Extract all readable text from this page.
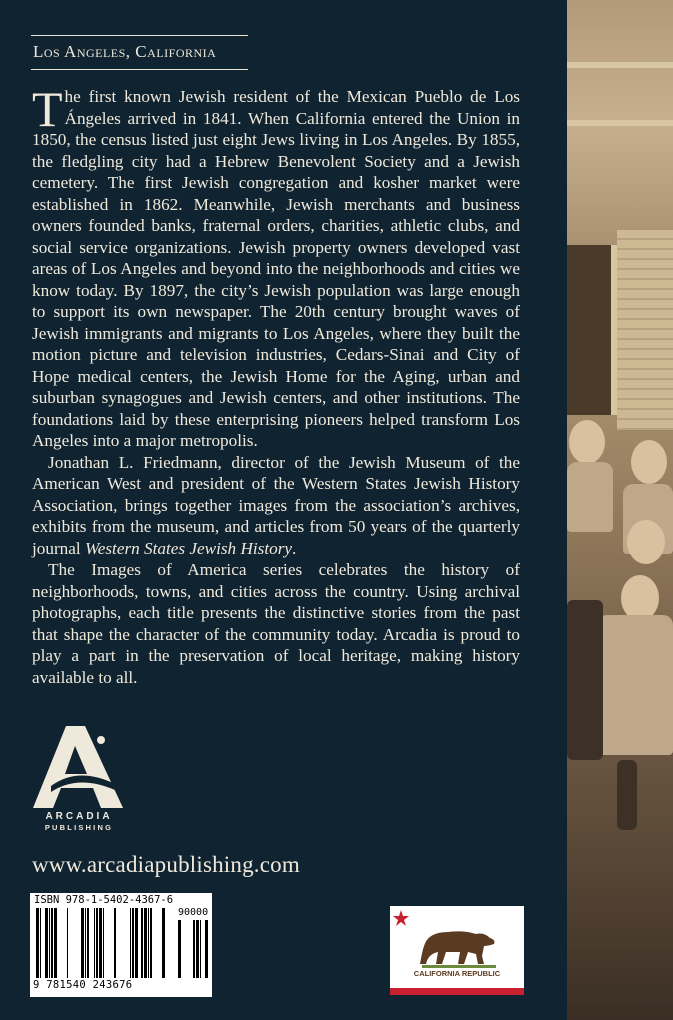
Los Angeles, California

The first known Jewish resident of the Mexican Pueblo de Los Ángeles arrived in 1841. When California entered the Union in 1850, the census listed just eight Jews living in Los Angeles. By 1855, the fledgling city had a Hebrew Benevolent Society and a Jewish cemetery. The first Jewish congregation and kosher market were established in 1862. Meanwhile, Jewish merchants and business owners founded banks, fraternal orders, charities, athletic clubs, and social service organizations. Jewish property owners developed vast areas of Los Angeles and beyond into the neighborhoods and cities we know today. By 1897, the city’s Jewish population was large enough to support its own newspaper. The 20th century brought waves of Jewish immigrants and migrants to Los Angeles, where they built the motion picture and television industries, Cedars-Sinai and City of Hope medical centers, the Jewish Home for the Aging, urban and suburban synagogues and Jewish centers, and other institutions. The foundations laid by these enterprising pioneers helped transform Los Angeles into a major metropolis.

Jonathan L. Friedmann, director of the Jewish Museum of the American West and president of the Western States Jewish History Association, brings together images from the association’s archives, exhibits from the museum, and articles from 50 years of the quarterly journal Western States Jewish History.

The Images of America series celebrates the history of neighborhoods, towns, and cities across the country. Using archival photographs, each title presents the distinctive stories from the past that shape the character of the community today. Arcadia is proud to play a part in the preservation of local heritage, making history available to all.

ARCADIA
PUBLISHING
www.arcadiapublishing.com
ISBN 978-1-5402-4367-6
90000
9 781540 243676
CALIFORNIA REPUBLIC
